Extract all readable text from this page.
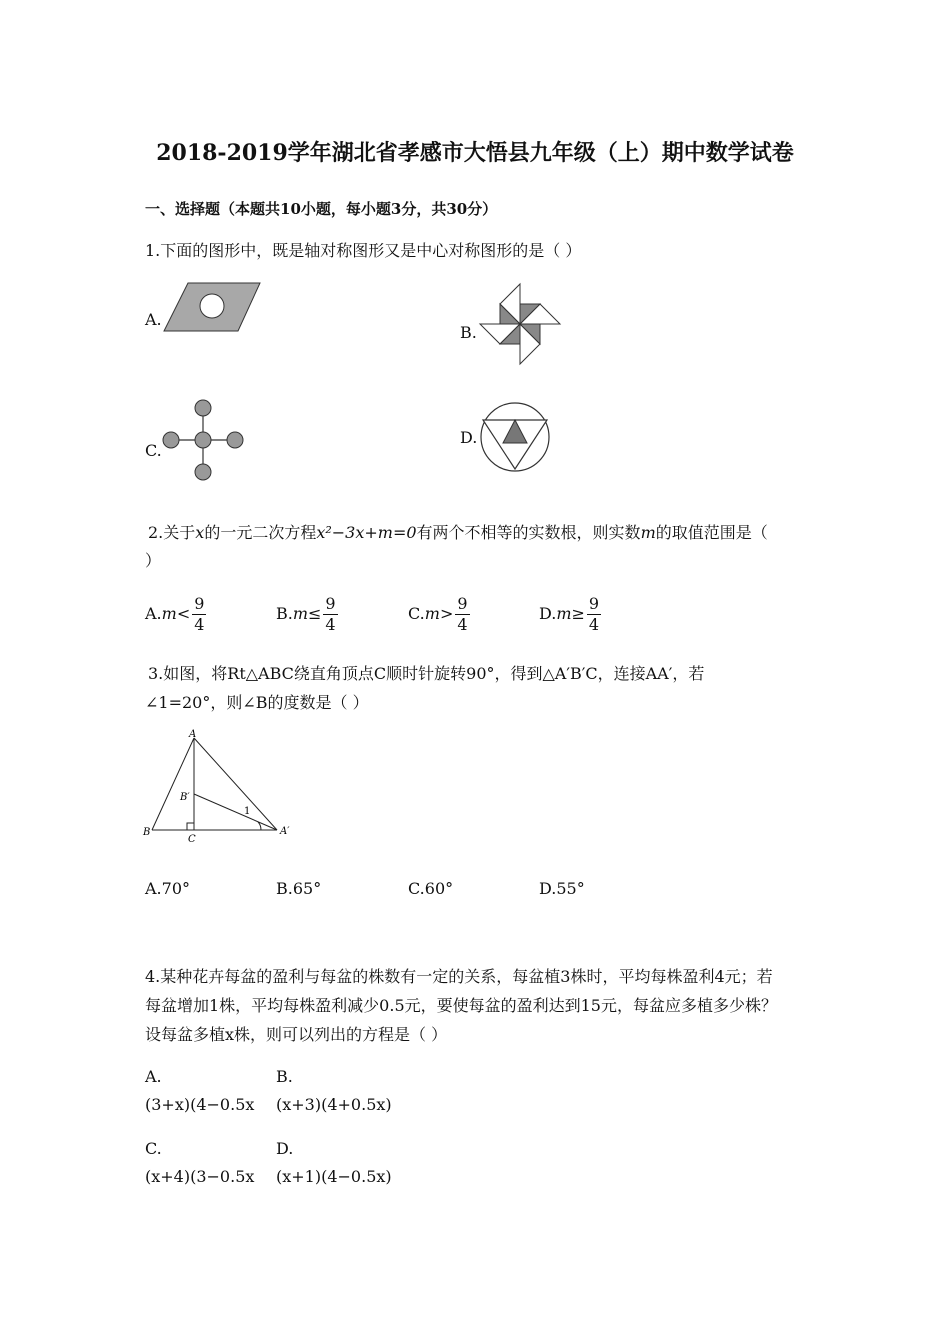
2018-2019学年湖北省孝感市大悟县九年级（上）期中数学试卷
一、选择题（本题共10小题，每小题3分，共30分）
1.下面的图形中，既是轴对称图形又是中心对称图形的是（ ）
A.
B.
C.
D.
2.关于x的一元二次方程x²−3x+m=0有两个不相等的实数根，则实数m的取值范围是（
）
$A.m< \frac{9}{4}$	$B.m\le \frac{9}{4}$	$C.m> \frac{9}{4}$	$D.m\ge \frac{9}{4}$
3.如图，将Rt△ABC绕直角顶点C顺时针旋转90°，得到△A′B′C，连接AA′，若
∠1=20°，则∠B的度数是（ ）
A
B
C
B′
A′
1
A.70°	B.65°	C.60°	D.55°
4.某种花卉每盆的盈利与每盆的株数有一定的关系，每盆植3株时，平均每株盈利4元；若
每盆增加1株，平均每株盈利减少0.5元，要使每盆的盈利达到15元，每盆应多植多少株？
设每盆多植x株，则可以列出的方程是（ ）
A.
(3+x)(4−0.5x
B.
(x+3)(4+0.5x)
C.
(x+4)(3−0.5x
D.
(x+1)(4−0.5x)
